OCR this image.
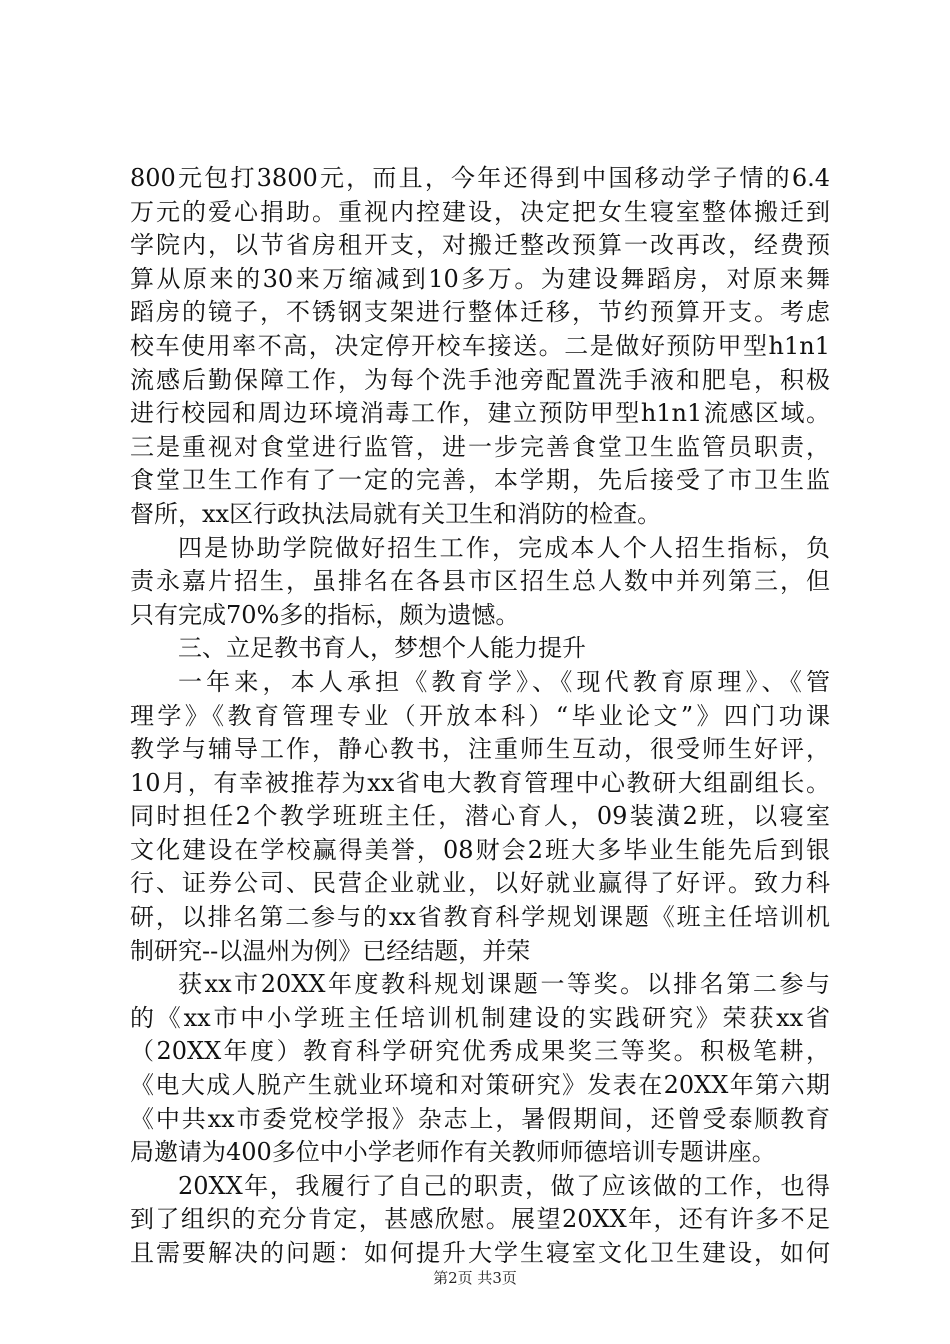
800元包打3800元，而且，今年还得到中国移动学子情的6.4
万元的爱心捐助。重视内控建设，决定把女生寝室整体搬迁到
学院内，以节省房租开支，对搬迁整改预算一改再改，经费预
算从原来的30来万缩减到10多万。为建设舞蹈房，对原来舞
蹈房的镜子，不锈钢支架进行整体迁移，节约预算开支。考虑
校车使用率不高，决定停开校车接送。二是做好预防甲型h1n1
流感后勤保障工作，为每个洗手池旁配置洗手液和肥皂，积极
进行校园和周边环境消毒工作，建立预防甲型h1n1流感区域。
三是重视对食堂进行监管，进一步完善食堂卫生监管员职责，
食堂卫生工作有了一定的完善，本学期，先后接受了市卫生监
督所，xx区行政执法局就有关卫生和消防的检查。
四是协助学院做好招生工作，完成本人个人招生指标，负
责永嘉片招生，虽排名在各县市区招生总人数中并列第三，但
只有完成70%多的指标，颇为遗憾。
三、立足教书育人，梦想个人能力提升
一年来，本人承担《教育学》、《现代教育原理》、《管
理学》《教育管理专业（开放本科）“毕业论文”》四门功课
教学与辅导工作，静心教书，注重师生互动，很受师生好评，
10月，有幸被推荐为xx省电大教育管理中心教研大组副组长。
同时担任2个教学班班主任，潜心育人，09装潢2班，以寝室
文化建设在学校赢得美誉，08财会2班大多毕业生能先后到银
行、证券公司、民营企业就业，以好就业赢得了好评。致力科
研，以排名第二参与的xx省教育科学规划课题《班主任培训机
制研究--以温州为例》已经结题，并荣
获xx市20XX年度教科规划课题一等奖。以排名第二参与
的《xx市中小学班主任培训机制建设的实践研究》荣获xx省
（20XX年度）教育科学研究优秀成果奖三等奖。积极笔耕，
《电大成人脱产生就业环境和对策研究》发表在20XX年第六期
《中共xx市委党校学报》杂志上，暑假期间，还曾受泰顺教育
局邀请为400多位中小学老师作有关教师师德培训专题讲座。
20XX年，我履行了自己的职责，做了应该做的工作，也得
到了组织的充分肯定，甚感欣慰。展望20XX年，还有许多不足
且需要解决的问题：如何提升大学生寝室文化卫生建设，如何
第2页 共3页
